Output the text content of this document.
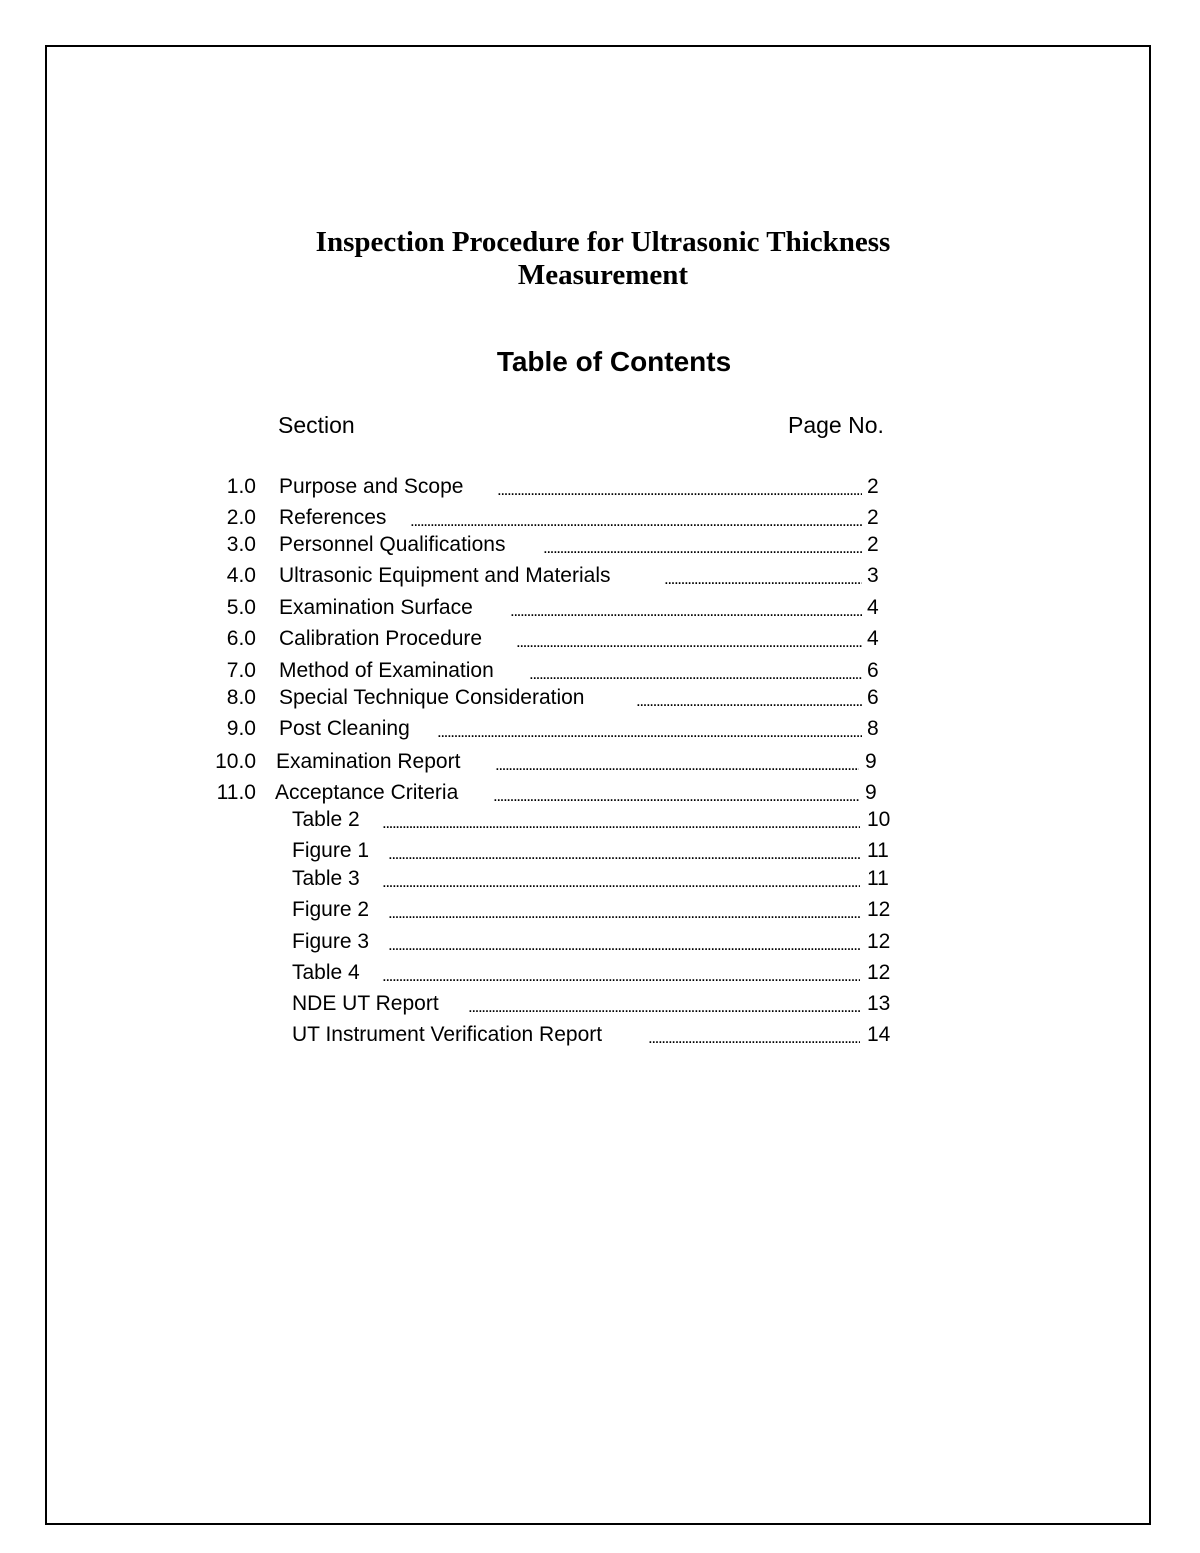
Inspection Procedure for Ultrasonic Thickness
Measurement
Table of Contents
Section	Page No.
1.0 Purpose and Scope .....	2
2.0 References .....	2
3.0 Personnel Qualifications .....	2
4.0 Ultrasonic Equipment and Materials .....	3
5.0 Examination Surface .....	4
6.0 Calibration Procedure .....	4
7.0 Method of Examination .....	6
8.0 Special Technique Consideration .....	6
9.0 Post Cleaning .....	8
10.0 Examination Report .....	9
11.0 Acceptance Criteria .....	9
Table 2 .....	10
Figure 1 .....	11
Table 3 .....	11
Figure 2 .....	12
Figure 3 .....	12
Table 4 .....	12
NDE UT Report .....	13
UT Instrument Verification Report .....	14
